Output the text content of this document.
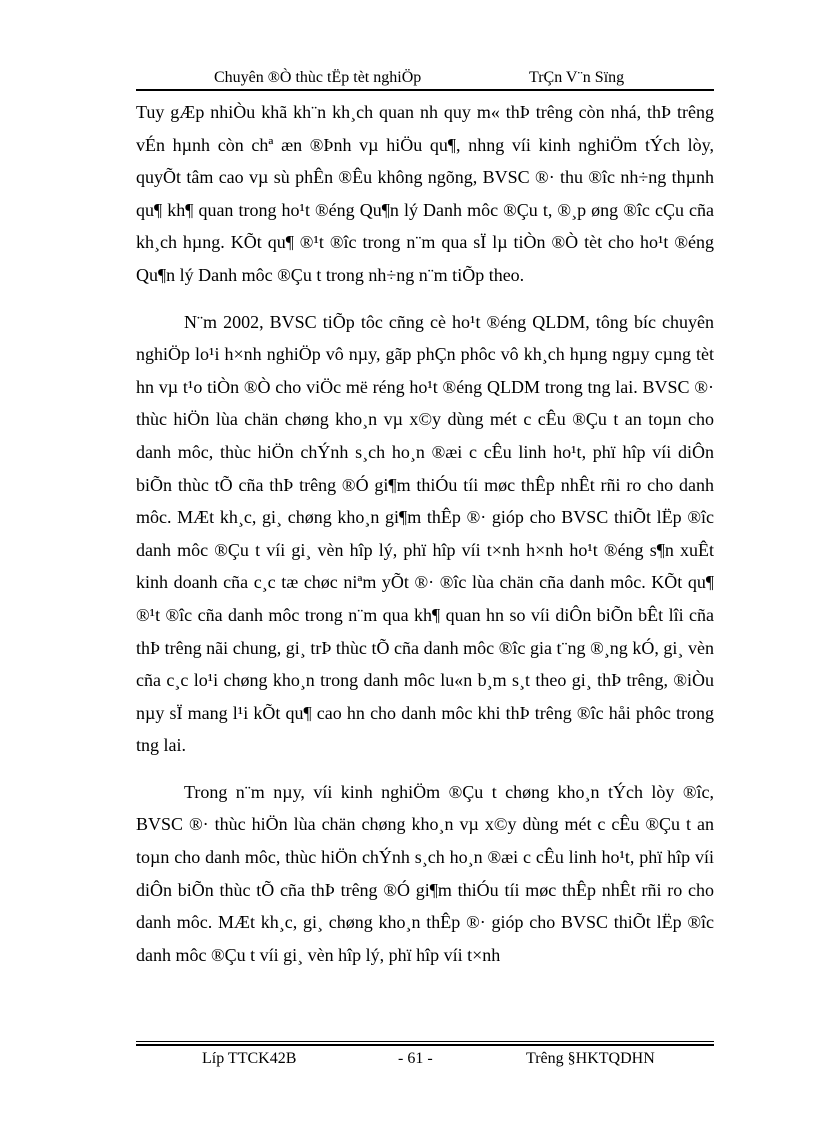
Chuyên ®Ò thùc tËp tèt nghiÖp	TrÇn V¨n Sïng

Tuy gÆp nhiÒu khã kh¨n kh¸ch quan nh quy m« thÞ trêng còn nhá, thÞ trêng vÉn hµnh còn chª æn ®Þnh vµ hiÖu qu¶, nhng víi kinh nghiÖm tÝch lòy, quyÕt tâm cao vµ sù phÊn ®Êu không ngõng, BVSC ®· thu ®îc nh÷ng thµnh qu¶ kh¶ quan trong ho¹t ®éng Qu¶n lý Danh môc ®Çu t, ®¸p øng ®îc cÇu cña kh¸ch hµng. KÕt qu¶ ®¹t ®îc trong n¨m qua sÏ lµ tiÒn ®Ò tèt cho ho¹t ®éng Qu¶n lý Danh môc ®Çu t trong nh÷ng n¨m tiÕp theo.

N¨m 2002, BVSC tiÕp tôc cñng cè ho¹t ®éng QLDM, tông bíc chuyên nghiÖp lo¹i h×nh nghiÖp vô nµy, gãp phÇn phôc vô kh¸ch hµng ngµy cµng tèt hn vµ t¹o tiÒn ®Ò cho viÖc më réng ho¹t ®éng QLDM trong tng lai. BVSC ®· thùc hiÖn lùa chän chøng kho¸n vµ x©y dùng mét c cÊu ®Çu t an toµn cho danh môc, thùc hiÖn chÝnh s¸ch ho¸n ®æi c cÊu linh ho¹t, phï hîp víi diÔn biÕn thùc tÕ cña thÞ trêng ®Ó gi¶m thiÓu tíi møc thÊp nhÊt rñi ro cho danh môc. MÆt kh¸c, gi¸ chøng kho¸n gi¶m thÊp ®· gióp cho BVSC thiÕt lËp ®îc danh môc ®Çu t víi gi¸ vèn hîp lý, phï hîp víi t×nh h×nh ho¹t ®éng s¶n xuÊt kinh doanh cña c¸c tæ chøc niªm yÕt ®· ®îc lùa chän cña danh môc. KÕt qu¶ ®¹t ®îc cña danh môc trong n¨m qua kh¶ quan hn so víi diÔn biÕn bÊt lîi cña thÞ trêng nãi chung, gi¸ trÞ thùc tÕ cña danh môc ®îc gia t¨ng ®¸ng kÓ, gi¸ vèn cña c¸c lo¹i chøng kho¸n trong danh môc lu«n b¸m s¸t theo gi¸ thÞ trêng, ®iÒu nµy sÏ mang l¹i kÕt qu¶ cao hn cho danh môc khi thÞ trêng ®îc håi phôc trong tng lai.

Trong n¨m nµy, víi kinh nghiÖm ®Çu t chøng kho¸n tÝch lòy ®îc, BVSC ®· thùc hiÖn lùa chän chøng kho¸n vµ x©y dùng mét c cÊu ®Çu t an toµn cho danh môc, thùc hiÖn chÝnh s¸ch ho¸n ®æi c cÊu linh ho¹t, phï hîp víi diÔn biÕn thùc tÕ cña thÞ trêng ®Ó gi¶m thiÓu tíi møc thÊp nhÊt rñi ro cho danh môc. MÆt kh¸c, gi¸ chøng kho¸n thÊp ®· gióp cho BVSC thiÕt lËp ®îc danh môc ®Çu t víi gi¸ vèn hîp lý, phï hîp víi t×nh

Líp TTCK42B	- 61 -	Trêng §HKTQDHN
